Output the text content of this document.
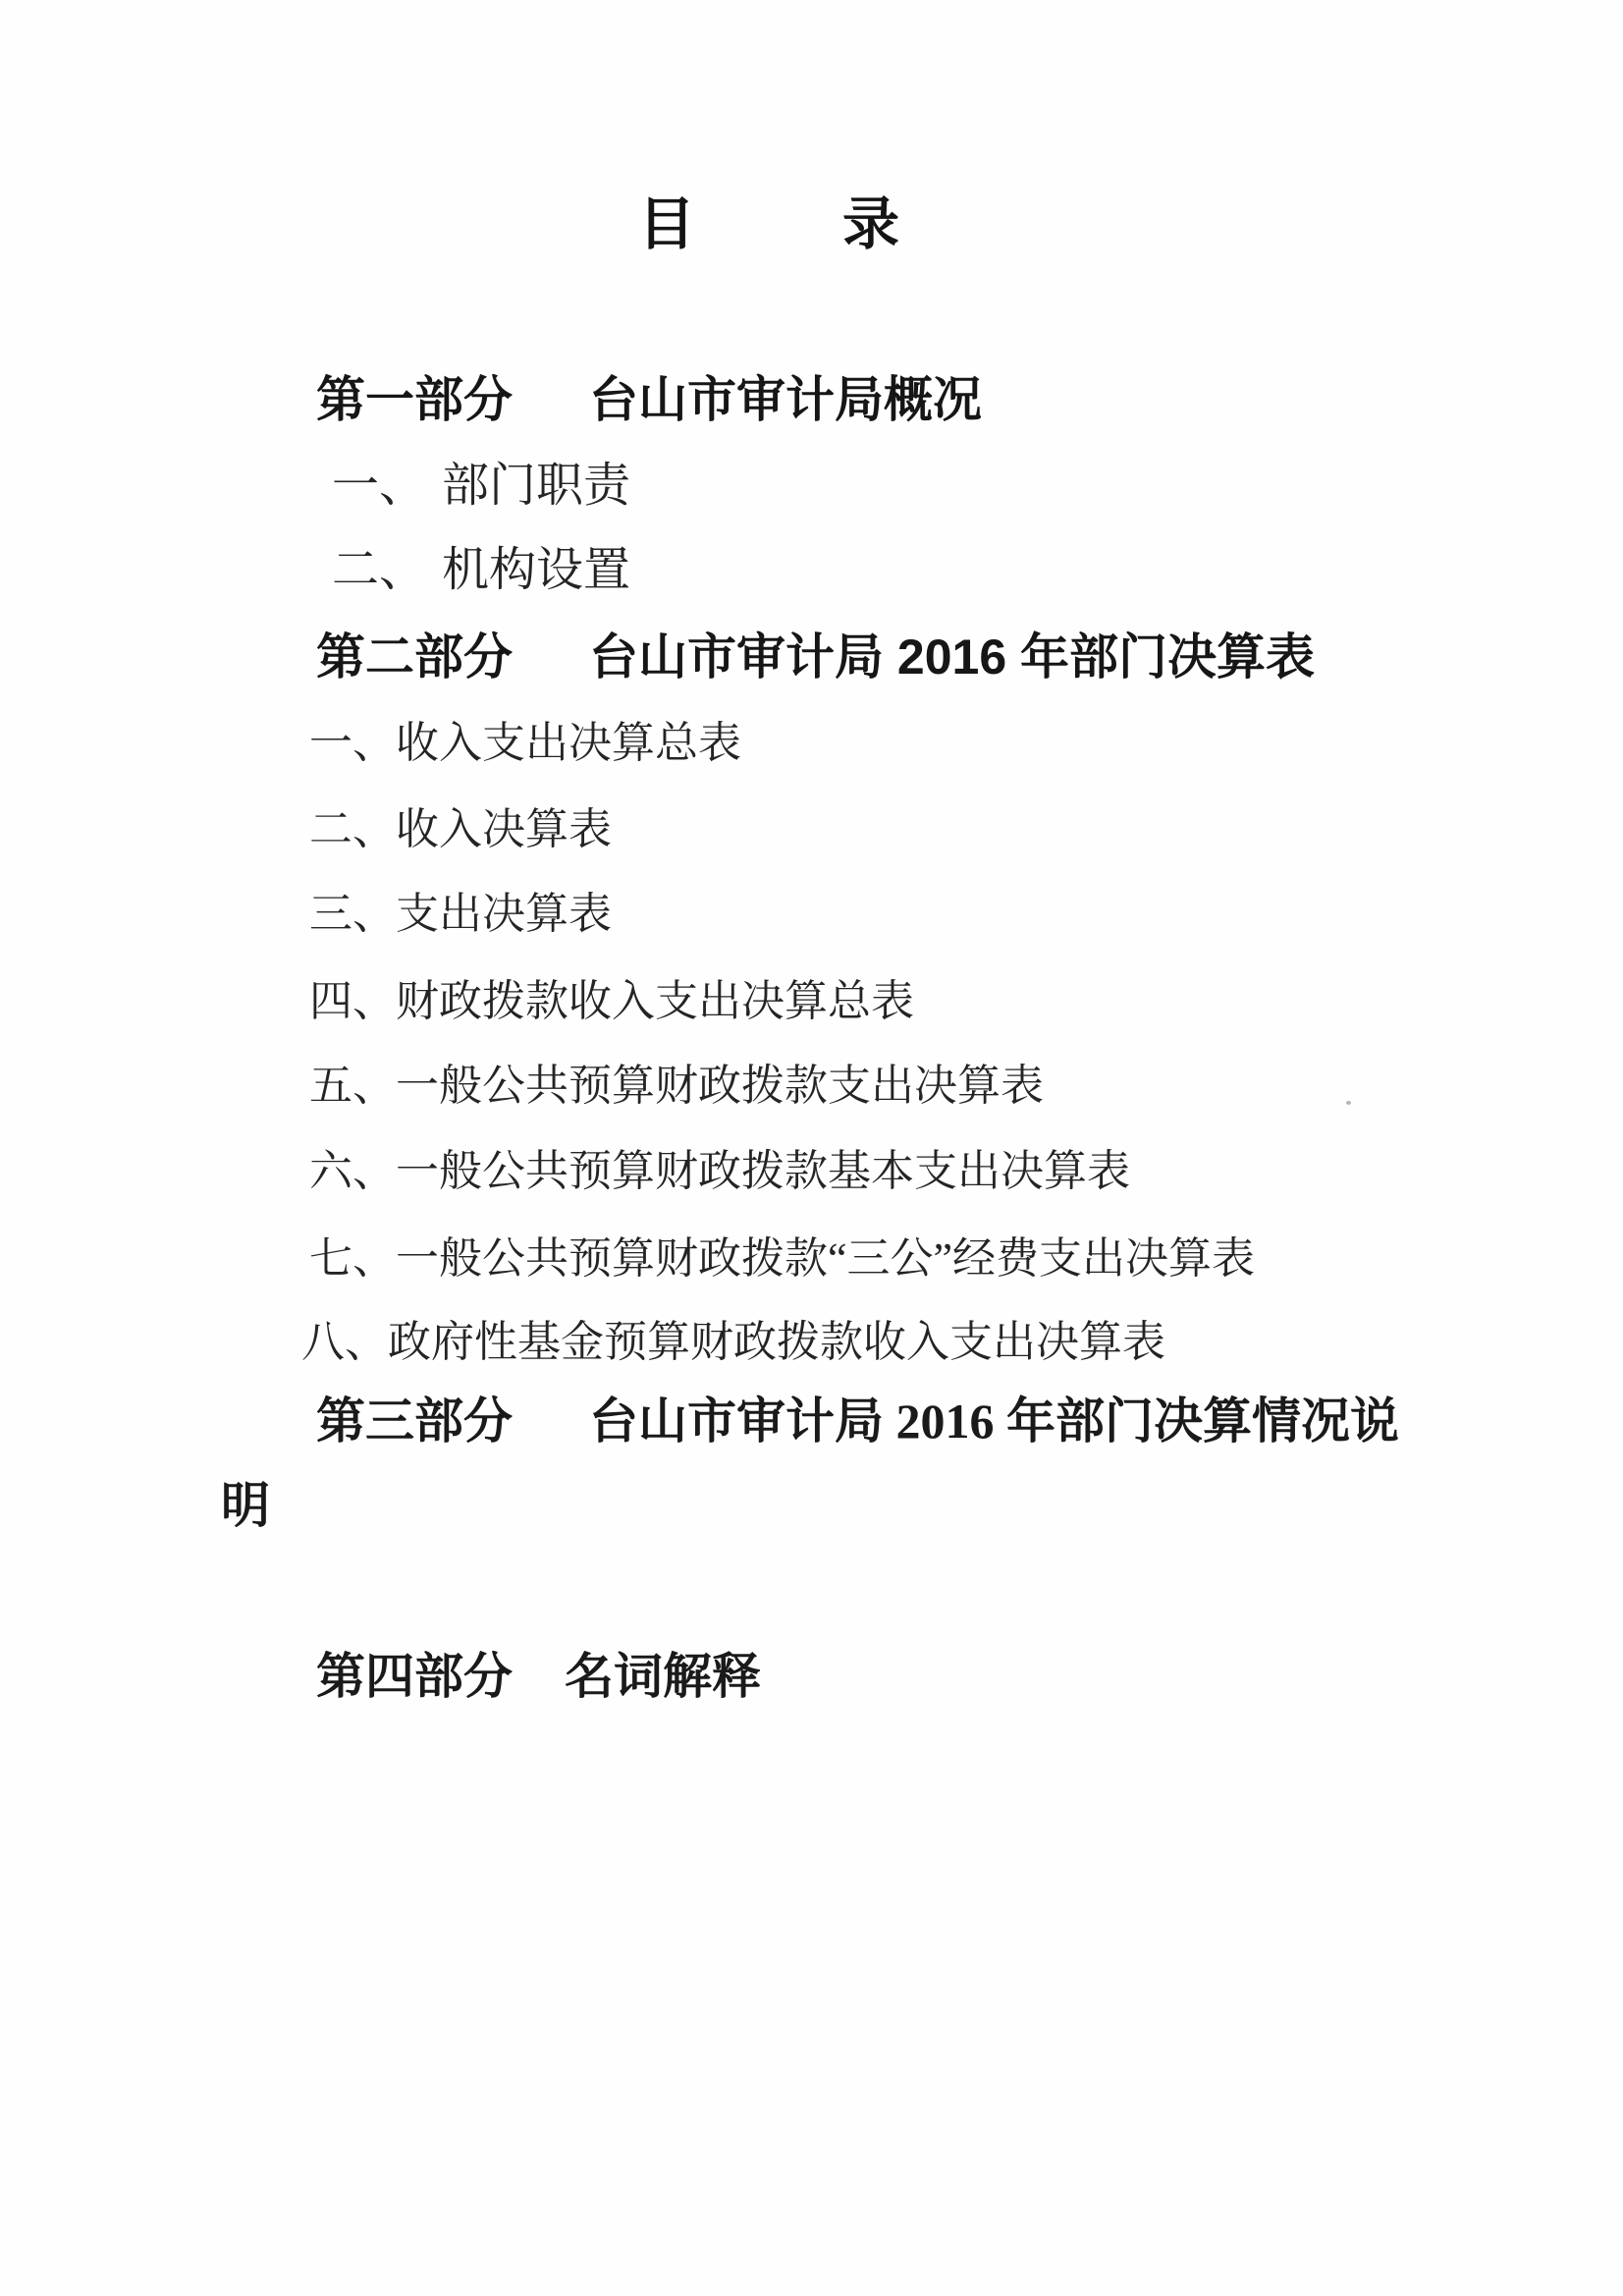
目	录
第一部分 台山市审计局概况
一、 部门职责
二、 机构设置
第二部分 台山市审计局 2016 年部门决算表
一、收入支出决算总表
二、收入决算表
三、支出决算表
四、财政拨款收入支出决算总表
五、一般公共预算财政拨款支出决算表
六、一般公共预算财政拨款基本支出决算表
七、一般公共预算财政拨款“三公”经费支出决算表
八、政府性基金预算财政拨款收入支出决算表
第三部分 台山市审计局 2016 年部门决算情况说
明
第四部分 名词解释
